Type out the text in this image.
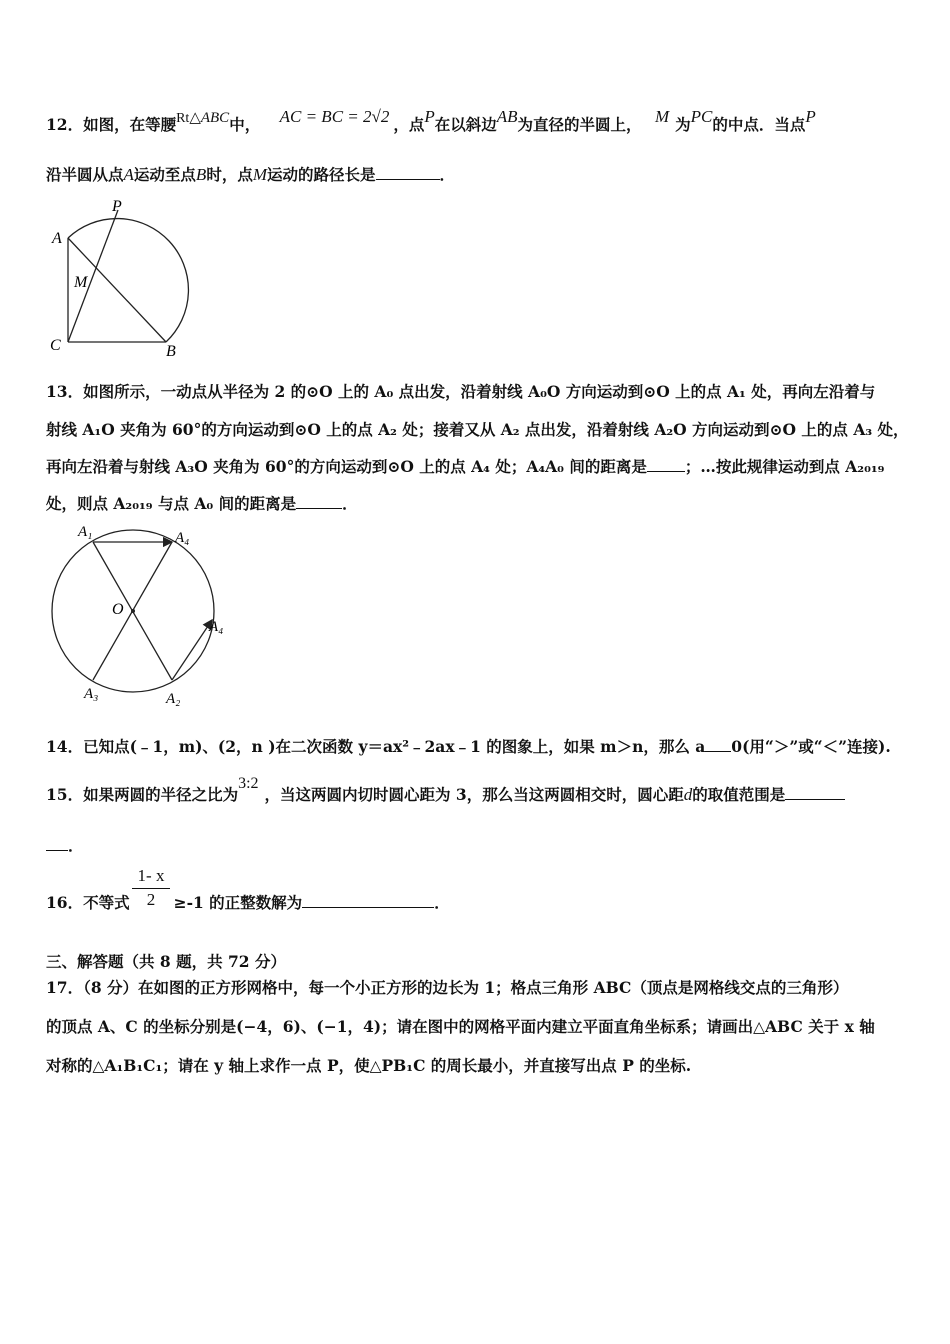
12．如图，在等腰Rt△ABC中， AC = BC = 2√2 ，点P在以斜边AB为直径的半圆上， M 为PC的中点．当点P
沿半圆从点A运动至点B时，点M运动的路径长是	．
P
A
M
C	B
13．如图所示，一动点从半径为 2 的⊙O 上的 A₀ 点出发，沿着射线 A₀O 方向运动到⊙O 上的点 A₁ 处，再向左沿着与
射线 A₁O 夹角为 60°的方向运动到⊙O 上的点 A₂ 处；接着又从 A₂ 点出发，沿着射线 A₂O 方向运动到⊙O 上的点 A₃ 处，
再向左沿着与射线 A₃O 夹角为 60°的方向运动到⊙O 上的点 A₄ 处；A₄A₀ 间的距离是 ；…按此规律运动到点 A₂₀₁₉
处，则点 A₂₀₁₉ 与点 A₀ 间的距离是	．
A₁	A₄
O
A₄
A₃	A₂
14．已知点(﹣1，m)、(2，n )在二次函数 y＝ax²﹣2ax﹣1 的图象上，如果 m＞n，那么 a 0(用“＞”或“＜”连接).
15．如果两圆的半径之比为3:2，当这两圆内切时圆心距为 3，那么当这两圆相交时，圆心距d的取值范围是
．
1- x
2
16．不等式	≥-1 的正整数解为	．
三、解答题（共 8 题，共 72 分）
17．（8 分）在如图的正方形网格中，每一个小正方形的边长为 1；格点三角形 ABC（顶点是网格线交点的三角形）
的顶点 A、C 的坐标分别是(−4，6)、(−1，4)；请在图中的网格平面内建立平面直角坐标系；请画出△ABC 关于 x 轴
对称的△A₁B₁C₁；请在 y 轴上求作一点 P，使△PB₁C 的周长最小，并直接写出点 P 的坐标.
